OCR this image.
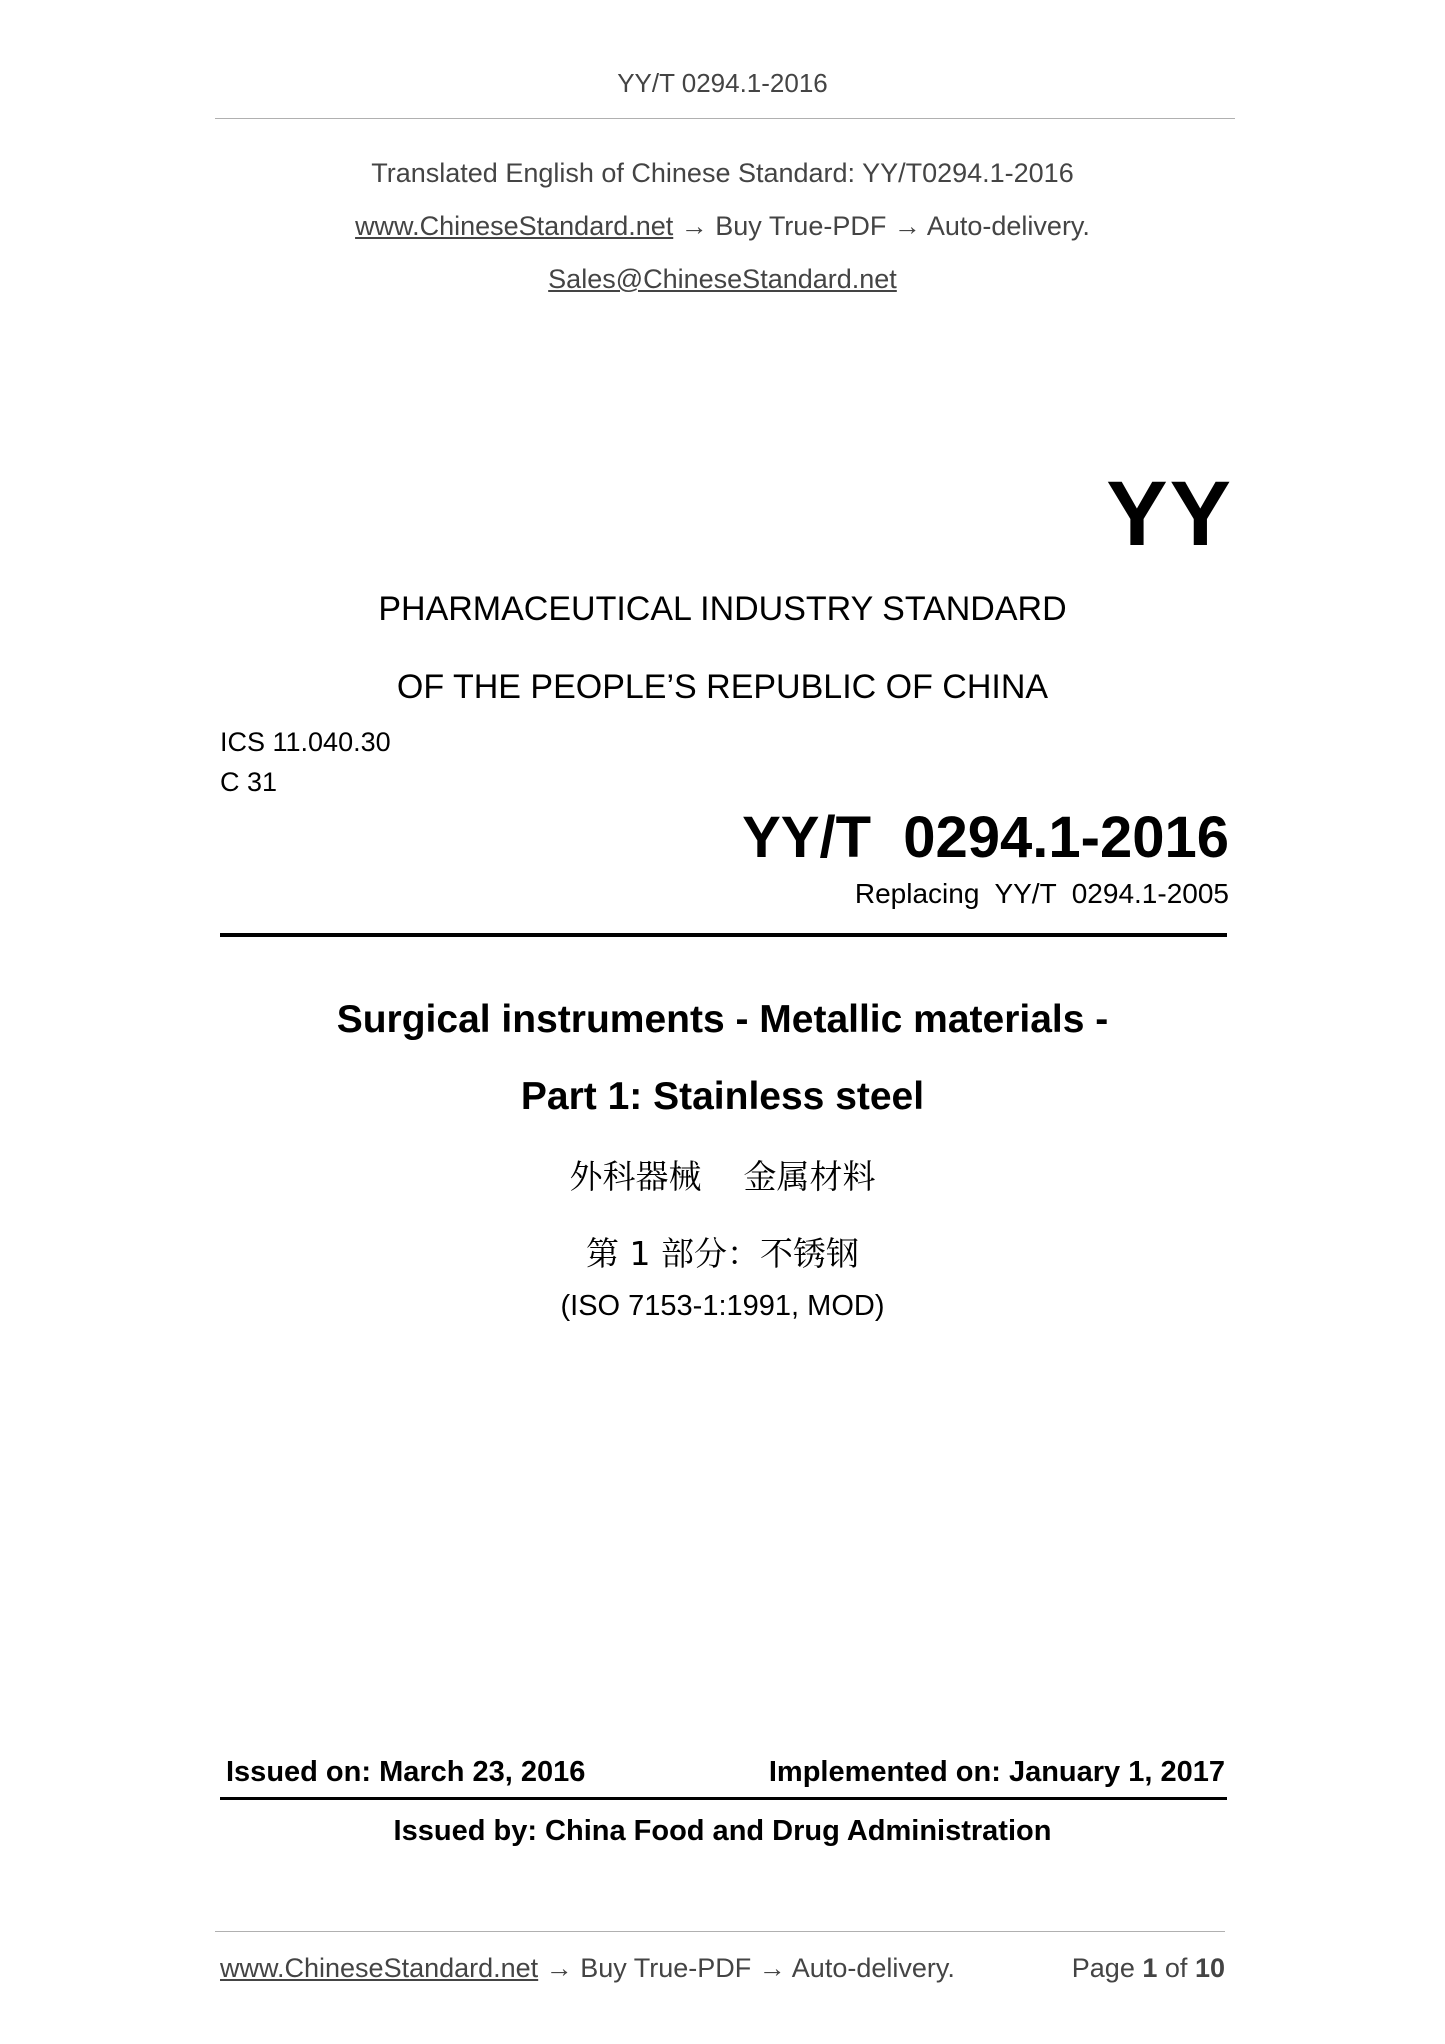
YY/T 0294.1-2016
Translated English of Chinese Standard: YY/T0294.1-2016
www.ChineseStandard.net → Buy True-PDF → Auto-delivery.
Sales@ChineseStandard.net
YY
PHARMACEUTICAL INDUSTRY STANDARD
OF THE PEOPLE’S REPUBLIC OF CHINA
ICS 11.040.30
C 31
YY/T  0294.1-2016
Replacing  YY/T  0294.1-2005
Surgical instruments - Metallic materials -
Part 1: Stainless steel
外科器械    金属材料
第 1 部分：不锈钢
(ISO 7153-1:1991, MOD)
Issued on: March 23, 2016	Implemented on: January 1, 2017
Issued by: China Food and Drug Administration
www.ChineseStandard.net → Buy True-PDF → Auto-delivery.	Page 1 of 10
